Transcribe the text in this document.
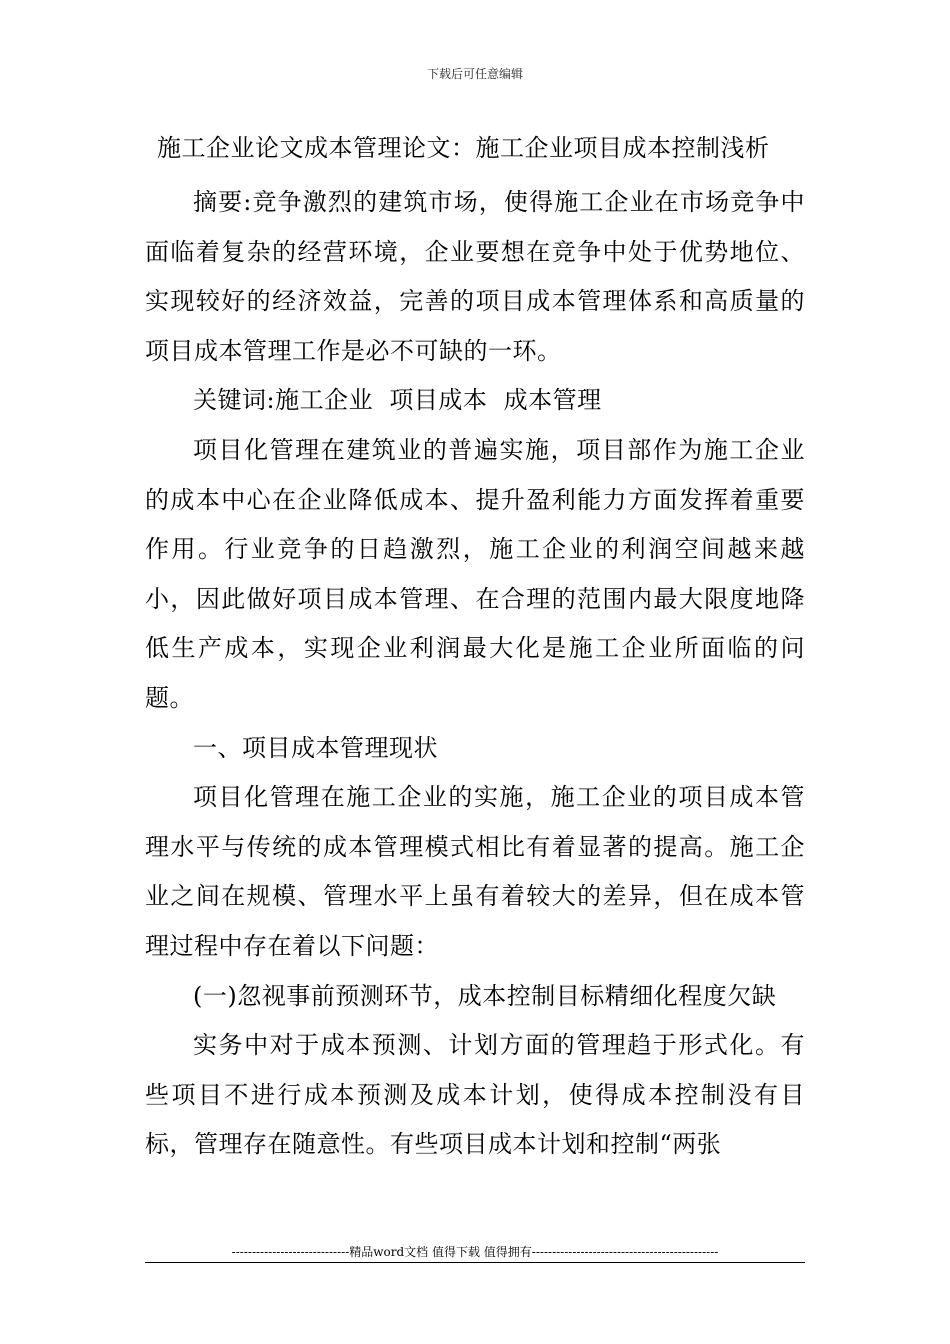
下载后可任意编辑
施工企业论文成本管理论文：施工企业项目成本控制浅析

摘要:竞争激烈的建筑市场，使得施工企业在市场竞争中面临着复杂的经营环境，企业要想在竞争中处于优势地位、实现较好的经济效益，完善的项目成本管理体系和高质量的项目成本管理工作是必不可缺的一环。

关键词:施工企业  项目成本  成本管理

项目化管理在建筑业的普遍实施，项目部作为施工企业的成本中心在企业降低成本、提升盈利能力方面发挥着重要作用。行业竞争的日趋激烈，施工企业的利润空间越来越小，因此做好项目成本管理、在合理的范围内最大限度地降低生产成本，实现企业利润最大化是施工企业所面临的问题。

一、项目成本管理现状

项目化管理在施工企业的实施，施工企业的项目成本管理水平与传统的成本管理模式相比有着显著的提高。施工企业之间在规模、管理水平上虽有着较大的差异，但在成本管理过程中存在着以下问题：

(一)忽视事前预测环节，成本控制目标精细化程度欠缺

实务中对于成本预测、计划方面的管理趋于形式化。有些项目不进行成本预测及成本计划，使得成本控制没有目标，管理存在随意性。有些项目成本计划和控制“两张

-----------------------------精品word文档 值得下载 值得拥有----------------------------------------------
